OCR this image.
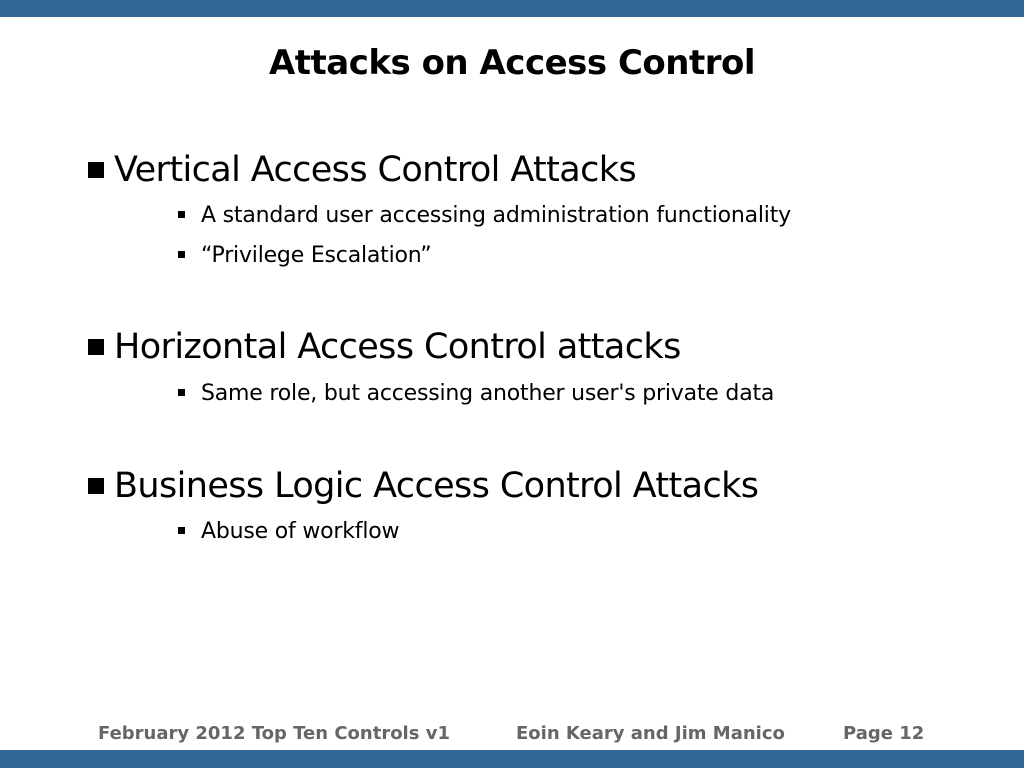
Attacks on Access Control
Vertical Access Control Attacks
A standard user accessing administration functionality
“Privilege Escalation”
Horizontal Access Control attacks
Same role, but accessing another user's private data
Business Logic Access Control Attacks
Abuse of workflow
February 2012 Top Ten Controls v1	Eoin Keary and Jim Manico	Page 12
